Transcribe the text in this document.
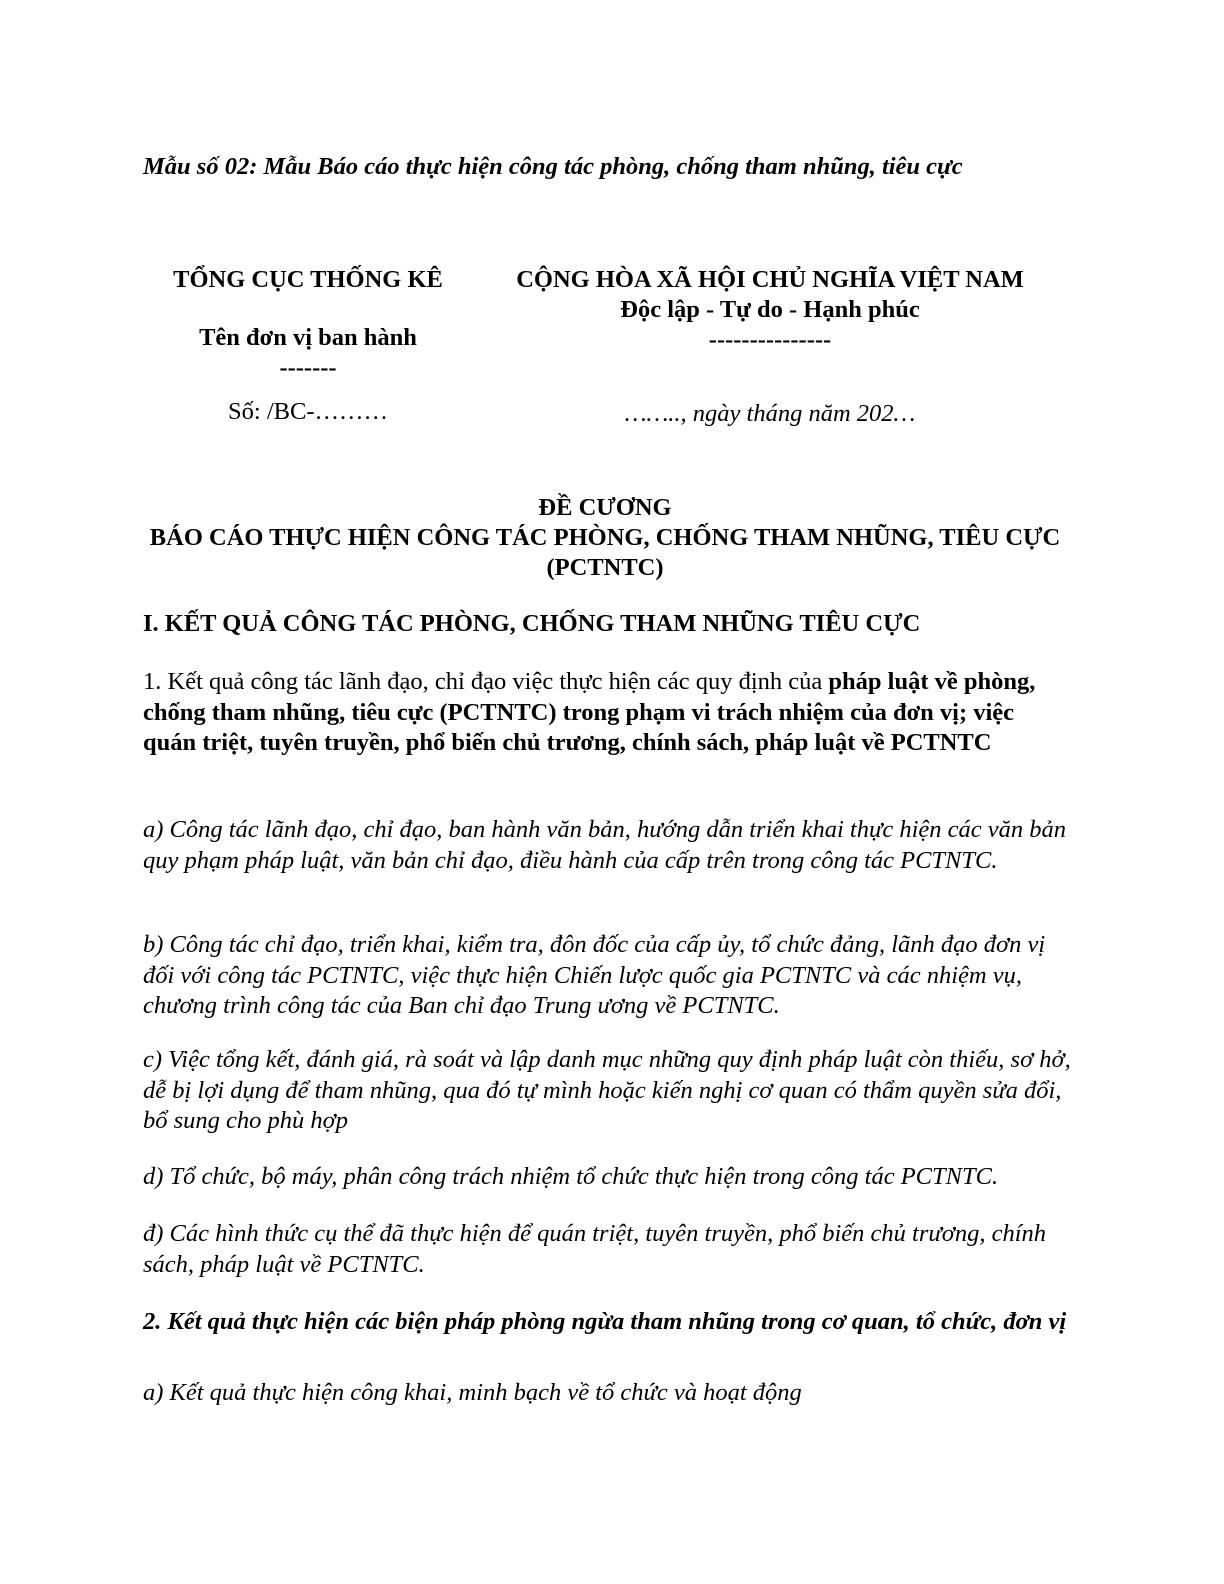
Mẫu số 02: Mẫu Báo cáo thực hiện công tác phòng, chống tham nhũng, tiêu cực
TỔNG CỤC THỐNG KÊ
Tên đơn vị ban hành
-------
Số: /BC-………
CỘNG HÒA XÃ HỘI CHỦ NGHĨA VIỆT NAM
Độc lập - Tự do - Hạnh phúc
---------------
…….., ngày tháng năm 202…
ĐỀ CƯƠNG
BÁO CÁO THỰC HIỆN CÔNG TÁC PHÒNG, CHỐNG THAM NHŨNG, TIÊU CỰC (PCTNTC)
I. KẾT QUẢ CÔNG TÁC PHÒNG, CHỐNG THAM NHŨNG TIÊU CỰC
1. Kết quả công tác lãnh đạo, chỉ đạo việc thực hiện các quy định của pháp luật về phòng, chống tham nhũng, tiêu cực (PCTNTC) trong phạm vi trách nhiệm của đơn vị; việc quán triệt, tuyên truyền, phổ biến chủ trương, chính sách, pháp luật về PCTNTC
a) Công tác lãnh đạo, chỉ đạo, ban hành văn bản, hướng dẫn triển khai thực hiện các văn bản quy phạm pháp luật, văn bản chỉ đạo, điều hành của cấp trên trong công tác PCTNTC.
b) Công tác chỉ đạo, triển khai, kiểm tra, đôn đốc của cấp ủy, tổ chức đảng, lãnh đạo đơn vị đối với công tác PCTNTC, việc thực hiện Chiến lược quốc gia PCTNTC và các nhiệm vụ, chương trình công tác của Ban chỉ đạo Trung ương về PCTNTC.
c) Việc tổng kết, đánh giá, rà soát và lập danh mục những quy định pháp luật còn thiếu, sơ hở, dễ bị lợi dụng để tham nhũng, qua đó tự mình hoặc kiến nghị cơ quan có thẩm quyền sửa đổi, bổ sung cho phù hợp
d) Tổ chức, bộ máy, phân công trách nhiệm tổ chức thực hiện trong công tác PCTNTC.
đ) Các hình thức cụ thể đã thực hiện để quán triệt, tuyên truyền, phổ biến chủ trương, chính sách, pháp luật về PCTNTC.
2. Kết quả thực hiện các biện pháp phòng ngừa tham nhũng trong cơ quan, tổ chức, đơn vị
a) Kết quả thực hiện công khai, minh bạch về tổ chức và hoạt động
